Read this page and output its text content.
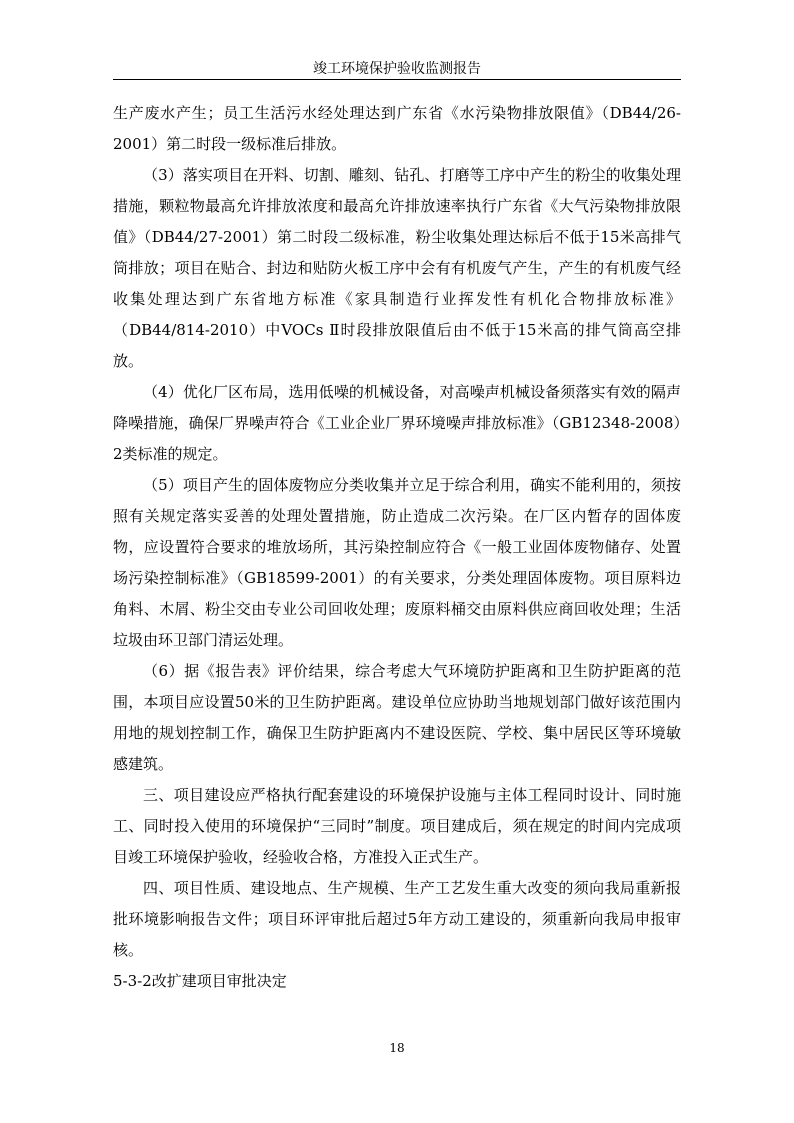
竣工环境保护验收监测报告

生产废水产生；员工生活污水经处理达到广东省《水污染物排放限值》（DB44/26-2001）第二时段一级标准后排放。

（3）落实项目在开料、切割、雕刻、钻孔、打磨等工序中产生的粉尘的收集处理措施，颗粒物最高允许排放浓度和最高允许排放速率执行广东省《大气污染物排放限值》（DB44/27-2001）第二时段二级标准，粉尘收集处理达标后不低于15米高排气筒排放；项目在贴合、封边和贴防火板工序中会有有机废气产生，产生的有机废气经收集处理达到广东省地方标准《家具制造行业挥发性有机化合物排放标准》（DB44/814-2010）中VOCs Ⅱ时段排放限值后由不低于15米高的排气筒高空排放。

（4）优化厂区布局，选用低噪的机械设备，对高噪声机械设备须落实有效的隔声降噪措施，确保厂界噪声符合《工业企业厂界环境噪声排放标准》（GB12348-2008）2类标准的规定。

（5）项目产生的固体废物应分类收集并立足于综合利用，确实不能利用的，须按照有关规定落实妥善的处理处置措施，防止造成二次污染。在厂区内暂存的固体废物，应设置符合要求的堆放场所，其污染控制应符合《一般工业固体废物储存、处置场污染控制标准》（GB18599-2001）的有关要求，分类处理固体废物。项目原料边角料、木屑、粉尘交由专业公司回收处理；废原料桶交由原料供应商回收处理；生活垃圾由环卫部门清运处理。

（6）据《报告表》评价结果，综合考虑大气环境防护距离和卫生防护距离的范围，本项目应设置50米的卫生防护距离。建设单位应协助当地规划部门做好该范围内用地的规划控制工作，确保卫生防护距离内不建设医院、学校、集中居民区等环境敏感建筑。

三、项目建设应严格执行配套建设的环境保护设施与主体工程同时设计、同时施工、同时投入使用的环境保护“三同时”制度。项目建成后，须在规定的时间内完成项目竣工环境保护验收，经验收合格，方准投入正式生产。

四、项目性质、建设地点、生产规模、生产工艺发生重大改变的须向我局重新报批环境影响报告文件；项目环评审批后超过5年方动工建设的，须重新向我局申报审核。

5-3-2改扩建项目审批决定

18
